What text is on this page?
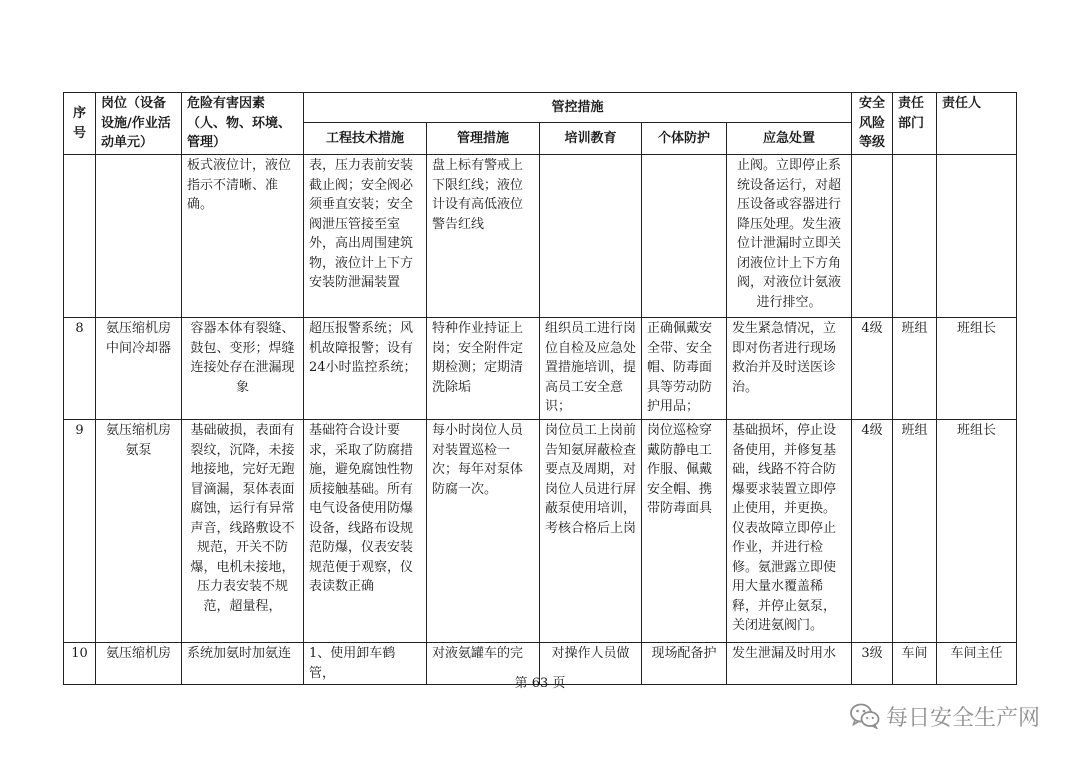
序号	岗位（设备设施/作业活动单元）	危险有害因素（人、物、环境、管理）	管控措施					安全风险等级	责任部门	责任人
			工程技术措施	管理措施	培训教育	个体防护	应急处置			
		板式液位计，液位指示不清晰、准确。	表，压力表前安装截止阀；安全阀必须垂直安装；安全阀泄压管接至室外，高出周围建筑物，液位计上下方安装防泄漏装置	盘上标有警戒上下限红线；液位计设有高低液位警告红线			止阀。立即停止系统设备运行，对超压设备或容器进行降压处理。发生液位计泄漏时立即关闭液位计上下方角阀，对液位计氨液进行排空。			
8	氨压缩机房中间冷却器	容器本体有裂缝、鼓包、变形；焊缝连接处存在泄漏现象	超压报警系统；风机故障报警；设有24小时监控系统；	特种作业持证上岗；安全附件定期检测；定期清洗除垢	组织员工进行岗位自检及应急处置措施培训，提高员工安全意识；	正确佩戴安全带、安全帽、防毒面具等劳动防护用品；	发生紧急情况，立即对伤者进行现场救治并及时送医诊治。	4级	班组	班组长
9	氨压缩机房氨泵	基础破损，表面有裂纹，沉降，未接地接地，完好无跑冒滴漏，泵体表面腐蚀，运行有异常声音，线路敷设不规范，开关不防爆，电机未接地，压力表安装不规范，超量程，	基础符合设计要求，采取了防腐措施，避免腐蚀性物质接触基础。所有电气设备使用防爆设备，线路布设规范防爆，仪表安装规范便于观察，仪表读数正确	每小时岗位人员对装置巡检一次；每年对泵体防腐一次。	岗位员工上岗前告知氨屏蔽检查要点及周期，对岗位人员进行屏蔽泵使用培训，考核合格后上岗	岗位巡检穿戴防静电工作服、佩戴安全帽、携带防毒面具	基础损坏，停止设备使用，并修复基础，线路不符合防爆要求装置立即停止使用，并更换。仪表故障立即停止作业，并进行检修。氨泄露立即使用大量水覆盖稀释，并停止氨泵，关闭进氨阀门。	4级	班组	班组长
10	氨压缩机房	系统加氨时加氨连	1、使用卸车鹤管，	对液氨罐车的完	对操作人员做	现场配备护	发生泄漏及时用水	3级	车间	车间主任
第 63 页
每日安全生产网
